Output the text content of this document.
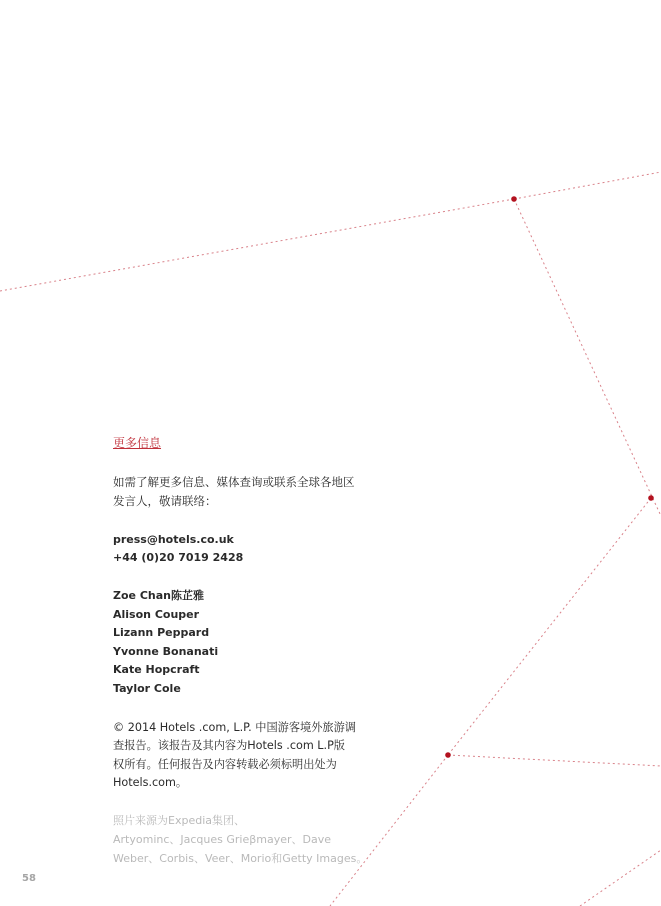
更多信息
如需了解更多信息、媒体查询或联系全球各地区
发言人，敬请联络：
press@hotels.co.uk
+44 (0)20 7019 2428
Zoe Chan陈芷雅
Alison Couper
Lizann Peppard
Yvonne Bonanati
Kate Hopcraft
Taylor Cole
© 2014 Hotels .com, L.P. 中国游客境外旅游调
查报告。该报告及其内容为Hotels .com L.P版
权所有。任何报告及内容转载必须标明出处为
Hotels.com。
照片来源为Expedia集团、
Artyominc、Jacques Grieβmayer、Dave
Weber、Corbis、Veer、Morio和Getty Images。
58
